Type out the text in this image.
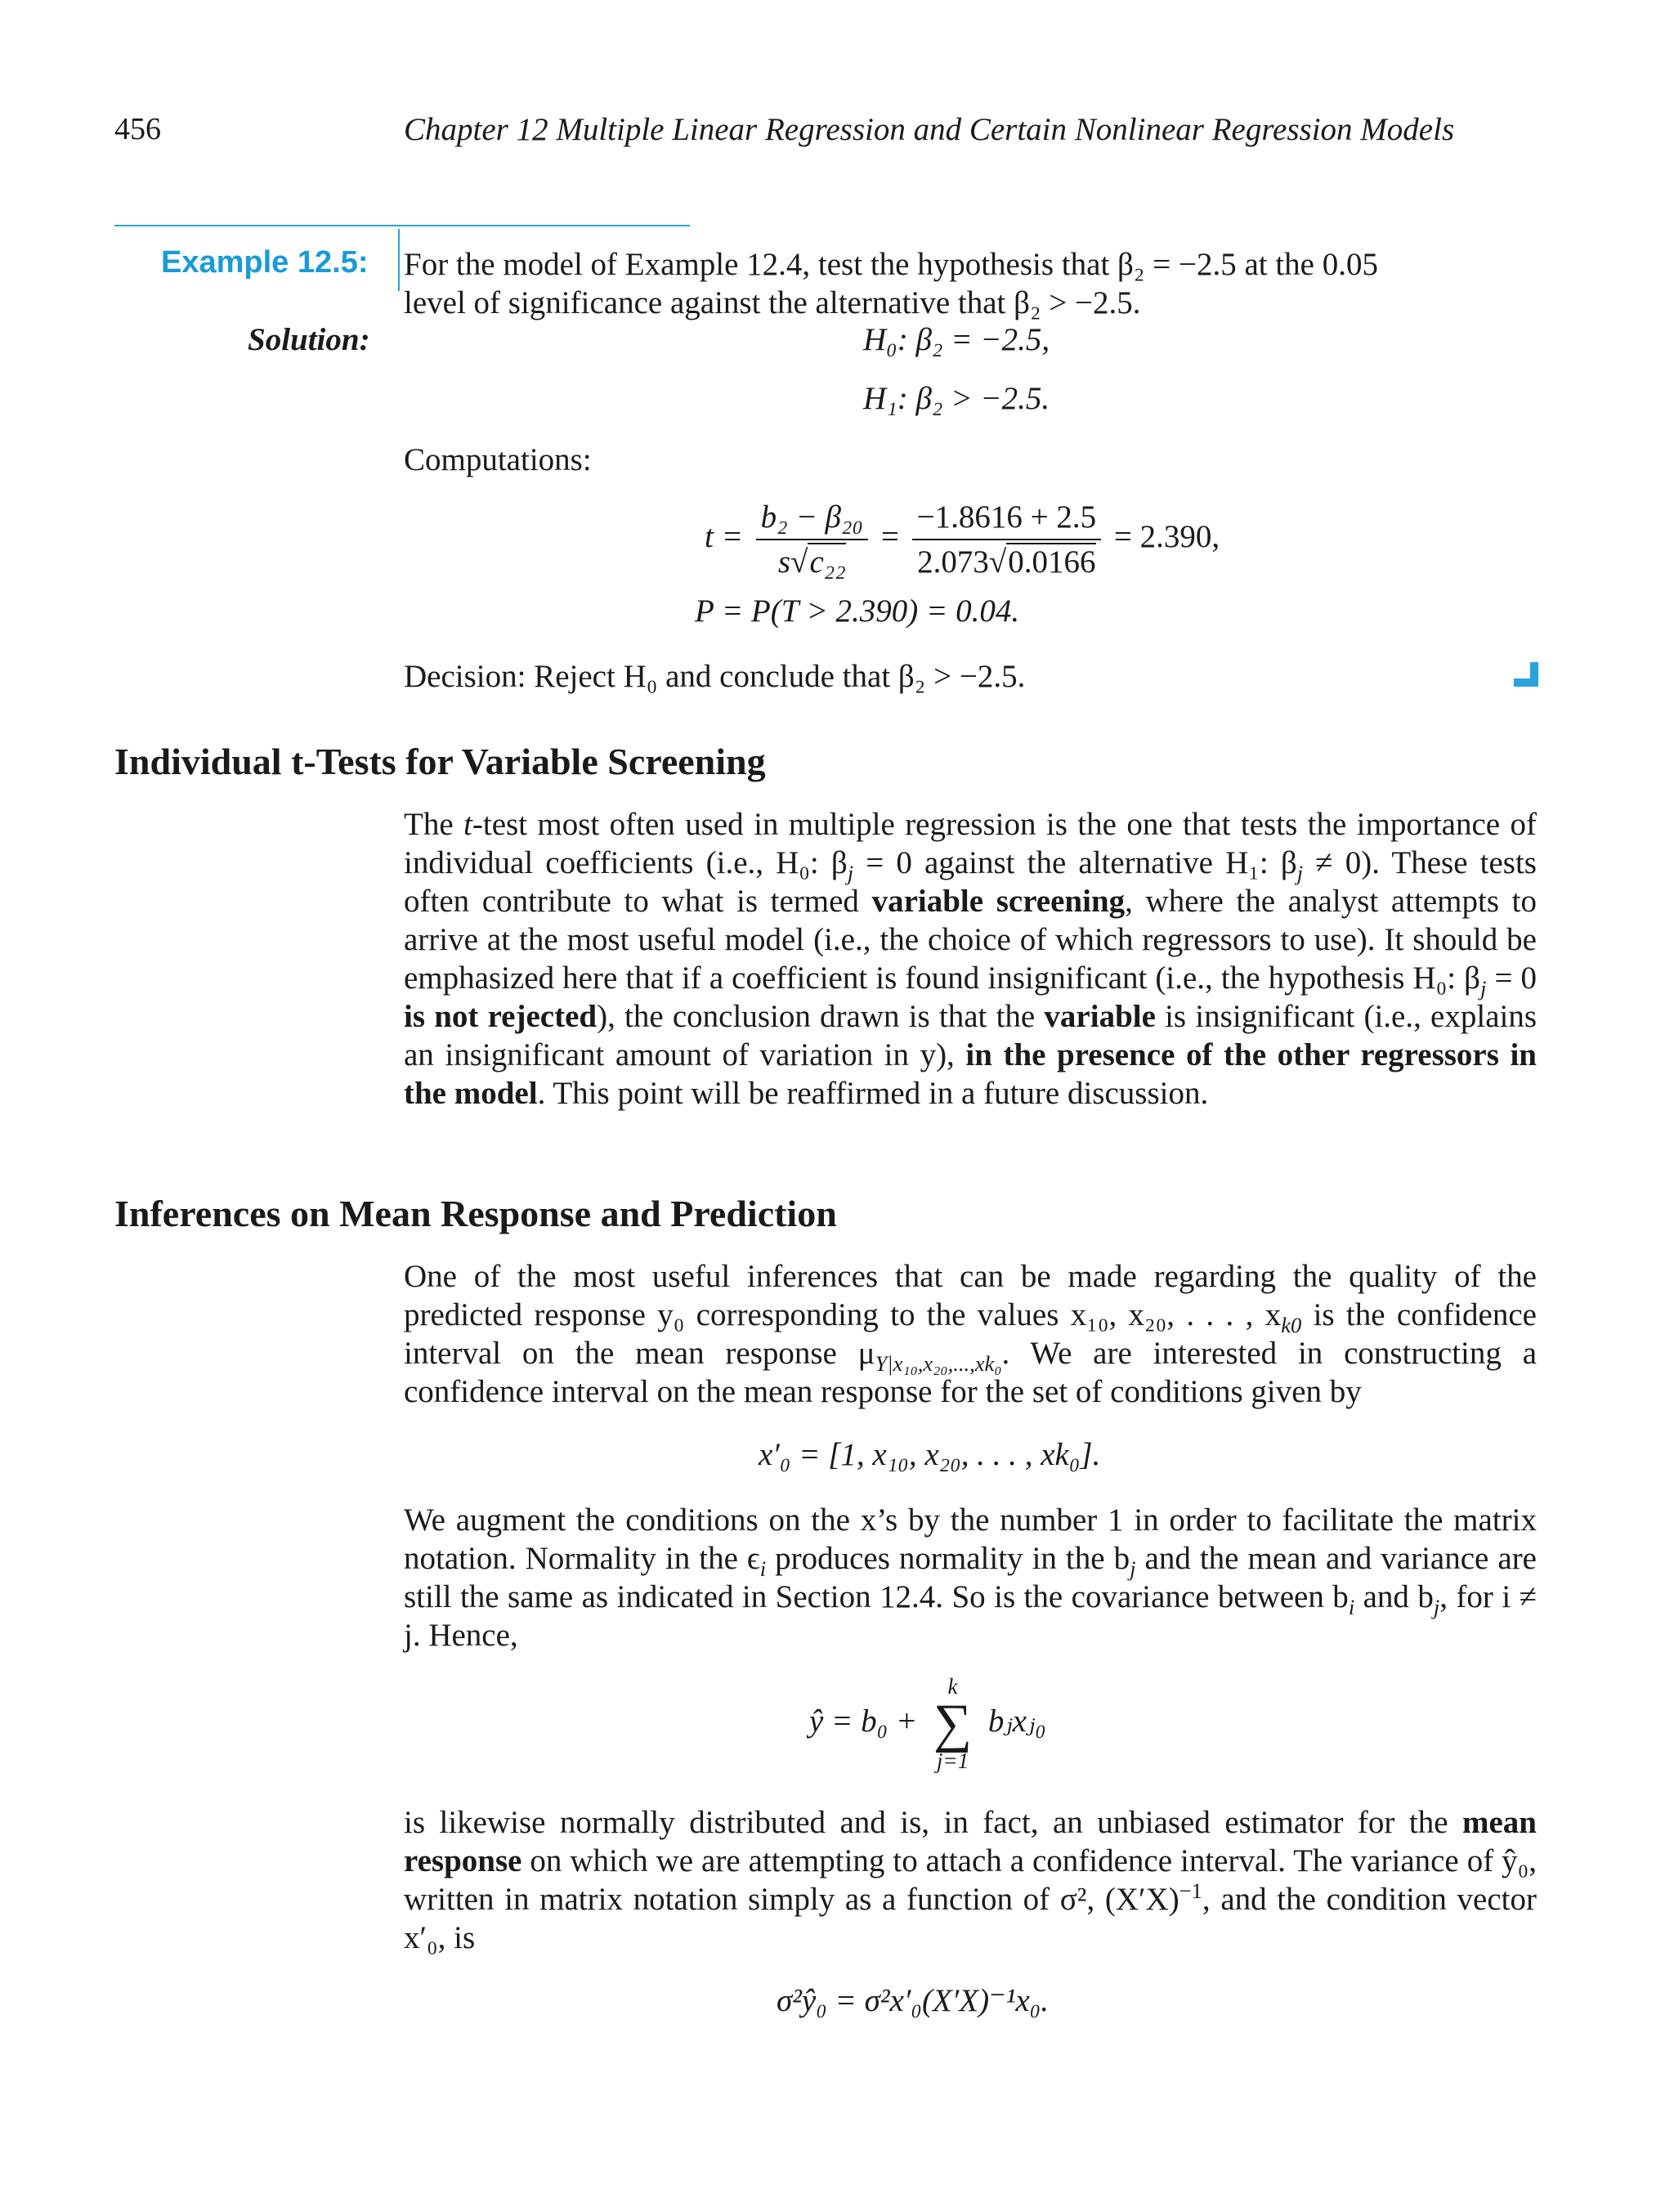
456	Chapter 12 Multiple Linear Regression and Certain Nonlinear Regression Models
Example 12.5: For the model of Example 12.4, test the hypothesis that β₂ = −2.5 at the 0.05
level of significance against the alternative that β₂ > −2.5.
Solution:	H₀: β₂ = −2.5,
H₁: β₂ > −2.5.
Computations:
$t = \frac{\text{b₂ − β₂₀}}{\text{s√c₂₂}} = \frac{-1.8616 + 2.5}{2.073√0.0166} = 2.390$,
P = P(T > 2.390) = 0.04.
Decision: Reject H₀ and conclude that β₂ > −2.5.
Individual t-Tests for Variable Screening
The t-test most often used in multiple regression is the one that tests the importance of individual coefficients (i.e., H₀: $\beta_j = 0$ against the alternative H₁: $\beta_j \ne 0$). These tests often contribute to what is termed variable screening, where the analyst attempts to arrive at the most useful model (i.e., the choice of which regressors to use). It should be emphasized here that if a coefficient is found insignificant (i.e., the hypothesis H₀: $\beta_j = 0$ is not rejected), the conclusion drawn is that the variable is insignificant (i.e., explains an insignificant amount of variation in y), in the presence of the other regressors in the model. This point will be reaffirmed in a future discussion.
Inferences on Mean Response and Prediction
One of the most useful inferences that can be made regarding the quality of the predicted response y₀ corresponding to the values x₁₀, x₂₀, . . . , $x_{k0}$ is the confidence interval on the mean response $\mu_{Y|x_{10},x_{20},...,xk_0}$. We are interested in constructing a confidence interval on the mean response for the set of conditions given by
x′₀ = [1, x₁₀, x₂₀, . . . , xk₀].
We augment the conditions on the x’s by the number 1 in order to facilitate the matrix notation. Normality in the $\epsilon_i$ produces normality in the $b_j$ and the mean and variance are still the same as indicated in Section 12.4. So is the covariance between $b_i$ and $b_j$, for i ≠ j. Hence,
ŷ = b₀ +
k
∑
j=1
bⱼxⱼ₀
is likewise normally distributed and is, in fact, an unbiased estimator for the mean response on which we are attempting to attach a confidence interval. The variance of ŷ₀, written in matrix notation simply as a function of σ², $(X'X)^{-1}$, and the condition vector x′₀, is
σ²ŷ₀ = σ²x′₀(X′X)⁻¹x₀.
